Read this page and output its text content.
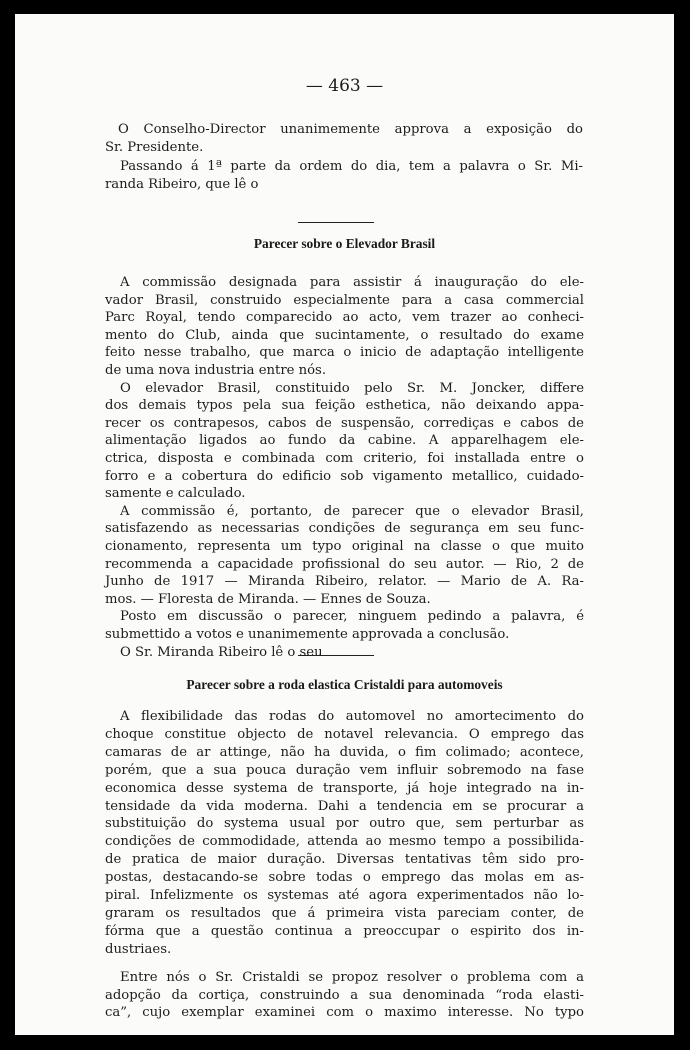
— 463 —
O Conselho-Director unanimemente approva a exposição do
Sr. Presidente.
Passando á 1ª parte da ordem do dia, tem a palavra o Sr. Mi-
randa Ribeiro, que lê o
Parecer sobre o Elevador Brasil
A commissão designada para assistir á inauguração do ele-
vador Brasil, construido especialmente para a casa commercial
Parc Royal, tendo comparecido ao acto, vem trazer ao conheci-
mento do Club, ainda que sucintamente, o resultado do exame
feito nesse trabalho, que marca o inicio de adaptação intelligente
de uma nova industria entre nós.
O elevador Brasil, constituido pelo Sr. M. Joncker, differe
dos demais typos pela sua feição esthetica, não deixando appa-
recer os contrapesos, cabos de suspensão, corrediças e cabos de
alimentação ligados ao fundo da cabine. A apparelhagem ele-
ctrica, disposta e combinada com criterio, foi installada entre o
forro e a cobertura do edificio sob vigamento metallico, cuidado-
samente e calculado.
A commissão é, portanto, de parecer que o elevador Brasil,
satisfazendo as necessarias condições de segurança em seu func-
cionamento, representa um typo original na classe o que muito
recommenda a capacidade profissional do seu autor. — Rio, 2 de
Junho de 1917 — Miranda Ribeiro, relator. — Mario de A. Ra-
mos. — Floresta de Miranda. — Ennes de Souza.
Posto em discussão o parecer, ninguem pedindo a palavra, é
submettido a votos e unanimemente approvada a conclusão.
O Sr. Miranda Ribeiro lê o seu
Parecer sobre a roda elastica Cristaldi para automoveis
A flexibilidade das rodas do automovel no amortecimento do
choque constitue objecto de notavel relevancia. O emprego das
camaras de ar attinge, não ha duvida, o fim colimado; acontece,
porém, que a sua pouca duração vem influir sobremodo na fase
economica desse systema de transporte, já hoje integrado na in-
tensidade da vida moderna. Dahi a tendencia em se procurar a
substituição do systema usual por outro que, sem perturbar as
condições de commodidade, attenda ao mesmo tempo a possibilida-
de pratica de maior duração. Diversas tentativas têm sido pro-
postas, destacando-se sobre todas o emprego das molas em as-
piral. Infelizmente os systemas até agora experimentados não lo-
graram os resultados que á primeira vista pareciam conter, de
fórma que a questão continua a preoccupar o espirito dos in-
dustriaes.
Entre nós o Sr. Cristaldi se propoz resolver o problema com a
adopção da cortiça, construindo a sua denominada “roda elasti-
ca”, cujo exemplar examinei com o maximo interesse. No typo
